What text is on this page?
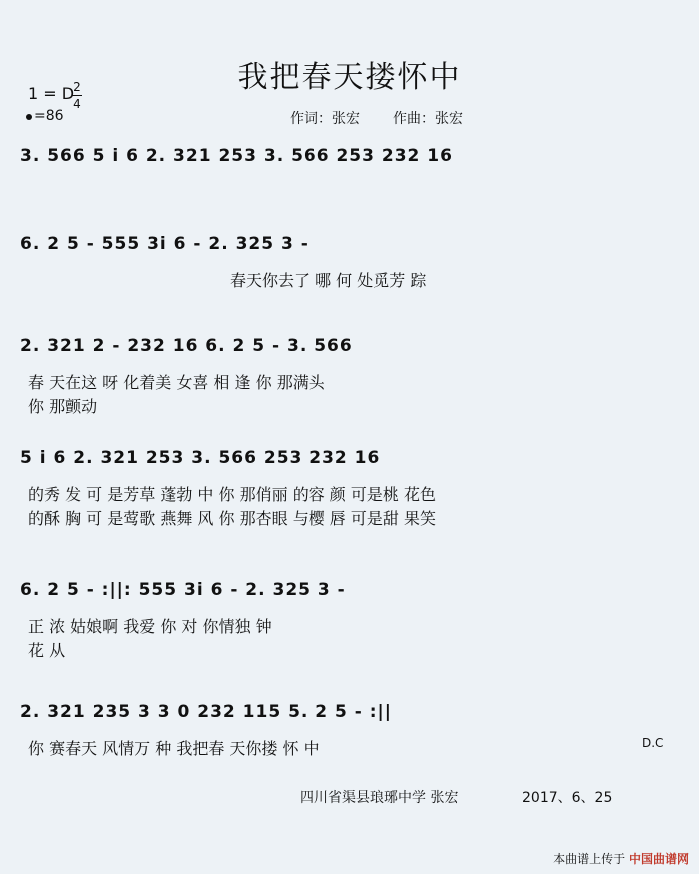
我把春天搂怀中
1 = D 2
4
=86	作词：张宏 作曲：张宏
3. 566 5 i 6 2. 321 253 3. 566 253 232 16
6. 2 5 - 555 3i 6 - 2. 325 3 -
春天你去了 哪 何 处觅芳 踪
2. 321 2 - 232 16 6. 2 5 - 3. 566
春 天在这 呀 化着美 女喜 相 逢 你 那满头
你 那颤动
5 i 6 2. 321 253 3. 566 253 232 16
的秀 发 可 是芳草 蓬勃 中 你 那俏丽 的容 颜 可是桃 花色
的酥 胸 可 是莺歌 燕舞 风 你 那杏眼 与樱 唇 可是甜 果笑
6. 2 5 - :||: 555 3i 6 - 2. 325 3 -
正 浓 姑娘啊 我爱 你 对 你情独 钟
花 从
2. 321 235 3 3 0 232 115 5. 2 5 - :||
你 赛春天 风情万 种 我把春 天你搂 怀 中	D.C
四川省渠县琅琊中学 张宏	2017、6、25
本曲谱上传于 中国曲谱网
